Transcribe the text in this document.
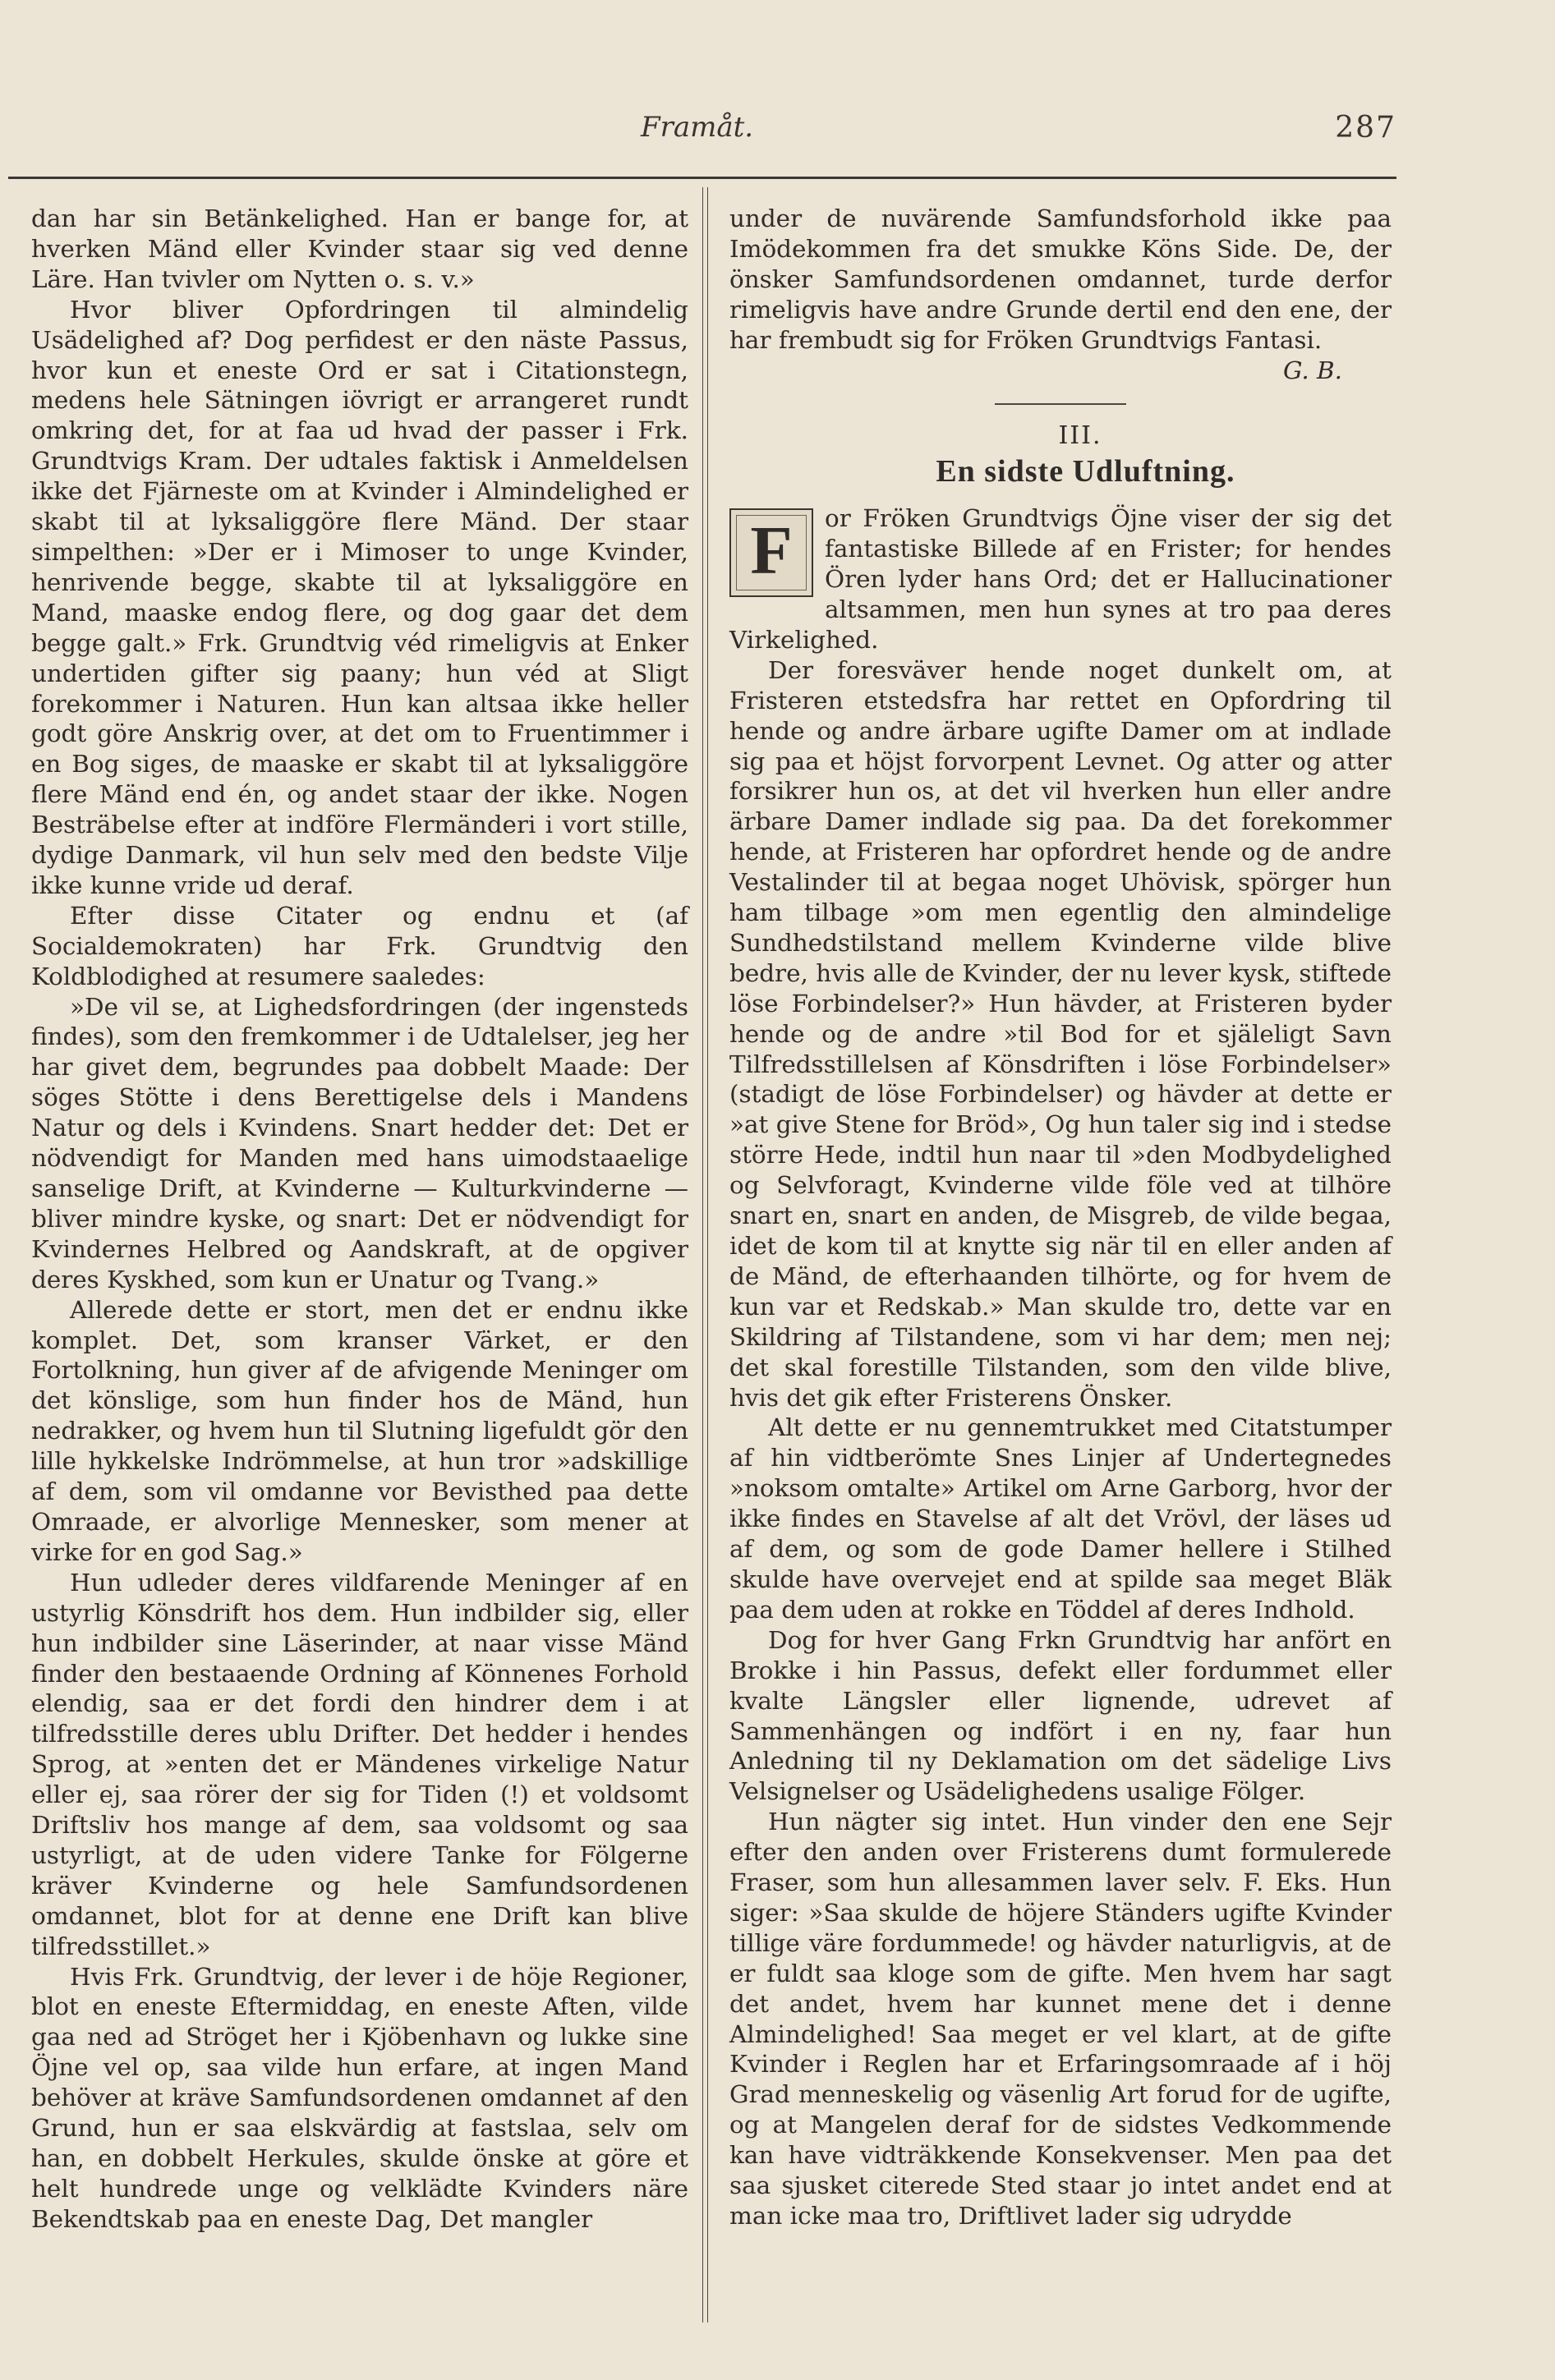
Framåt.	287

dan har sin Betänkelighed. Han er bange for, at hverken Mänd eller Kvinder staar sig ved denne Läre. Han tvivler om Nytten o. s. v.»

Hvor bliver Opfordringen til almindelig Usädelighed af? Dog perfidest er den näste Passus, hvor kun et eneste Ord er sat i Citationstegn, medens hele Sätningen iövrigt er arrangeret rundt omkring det, for at faa ud hvad der passer i Frk. Grundtvigs Kram. Der udtales faktisk i Anmeldelsen ikke det Fjärneste om at Kvinder i Almindelighed er skabt til at lyksaliggöre flere Mänd. Der staar simpelthen: »Der er i Mimoser to unge Kvinder, henrivende begge, skabte til at lyksaliggöre en Mand, maaske endog flere, og dog gaar det dem begge galt.» Frk. Grundtvig véd rimeligvis at Enker undertiden gifter sig paany; hun véd at Sligt forekommer i Naturen. Hun kan altsaa ikke heller godt göre Anskrig over, at det om to Fruentimmer i en Bog siges, de maaske er skabt til at lyksaliggöre flere Mänd end én, og andet staar der ikke. Nogen Besträbelse efter at indföre Flermänderi i vort stille, dydige Danmark, vil hun selv med den bedste Vilje ikke kunne vride ud deraf.

Efter disse Citater og endnu et (af Socialdemokraten) har Frk. Grundtvig den Koldblodighed at resumere saaledes:

»De vil se, at Lighedsfordringen (der ingensteds findes), som den fremkommer i de Udtalelser, jeg her har givet dem, begrundes paa dobbelt Maade: Der söges Stötte i dens Berettigelse dels i Mandens Natur og dels i Kvindens. Snart hedder det: Det er nödvendigt for Manden med hans uimodstaaelige sanselige Drift, at Kvinderne — Kulturkvinderne — bliver mindre kyske, og snart: Det er nödvendigt for Kvindernes Helbred og Aandskraft, at de opgiver deres Kyskhed, som kun er Unatur og Tvang.»

Allerede dette er stort, men det er endnu ikke komplet. Det, som kranser Värket, er den Fortolkning, hun giver af de afvigende Meninger om det könslige, som hun finder hos de Mänd, hun nedrakker, og hvem hun til Slutning ligefuldt gör den lille hykkelske Indrömmelse, at hun tror »adskillige af dem, som vil omdanne vor Bevisthed paa dette Omraade, er alvorlige Mennesker, som mener at virke for en god Sag.»

Hun udleder deres vildfarende Meninger af en ustyrlig Könsdrift hos dem. Hun indbilder sig, eller hun indbilder sine Läserinder, at naar visse Mänd finder den bestaaende Ordning af Könnenes Forhold elendig, saa er det fordi den hindrer dem i at tilfredsstille deres ublu Drifter. Det hedder i hendes Sprog, at »enten det er Mändenes virkelige Natur eller ej, saa rörer der sig for Tiden (!) et voldsomt Driftsliv hos mange af dem, saa voldsomt og saa ustyrligt, at de uden videre Tanke for Fölgerne kräver Kvinderne og hele Samfundsordenen omdannet, blot for at denne ene Drift kan blive tilfredsstillet.»

Hvis Frk. Grundtvig, der lever i de höje Regioner, blot en eneste Eftermiddag, en eneste Aften, vilde gaa ned ad Ströget her i Kjöbenhavn og lukke sine Öjne vel op, saa vilde hun erfare, at ingen Mand behöver at kräve Samfundsordenen omdannet af den Grund, hun er saa elskvärdig at fastslaa, selv om han, en dobbelt Herkules, skulde önske at göre et helt hundrede unge og velklädte Kvinders näre Bekendtskab paa en eneste Dag, Det mangler

under de nuvärende Samfundsforhold ikke paa Imödekommen fra det smukke Köns Side. De, der önsker Samfundsordenen omdannet, turde derfor rimeligvis have andre Grunde dertil end den ene, der har frembudt sig for Fröken Grundtvigs Fantasi.

G. B.

III.

En sidste Udluftning.

F	or Fröken Grundtvigs Öjne viser der sig det fantastiske Billede af en Frister; for hendes Ören lyder hans Ord; det er Hallucinationer altsammen, men hun synes at tro paa deres Virkelighed.

Der foresväver hende noget dunkelt om, at Fristeren etstedsfra har rettet en Opfordring til hende og andre ärbare ugifte Damer om at indlade sig paa et höjst forvorpent Levnet. Og atter og atter forsikrer hun os, at det vil hverken hun eller andre ärbare Damer indlade sig paa. Da det forekommer hende, at Fristeren har opfordret hende og de andre Vestalinder til at begaa noget Uhövisk, spörger hun ham tilbage »om men egentlig den almindelige Sundhedstilstand mellem Kvinderne vilde blive bedre, hvis alle de Kvinder, der nu lever kysk, stiftede löse Forbindelser?» Hun hävder, at Fristeren byder hende og de andre »til Bod for et själeligt Savn Tilfredsstillelsen af Könsdriften i löse Forbindelser» (stadigt de löse Forbindelser) og hävder at dette er »at give Stene for Bröd», Og hun taler sig ind i stedse större Hede, indtil hun naar til »den Modbydelighed og Selvforagt, Kvinderne vilde föle ved at tilhöre snart en, snart en anden, de Misgreb, de vilde begaa, idet de kom til at knytte sig när til en eller anden af de Mänd, de efterhaanden tilhörte, og for hvem de kun var et Redskab.» Man skulde tro, dette var en Skildring af Tilstandene, som vi har dem; men nej; det skal forestille Tilstanden, som den vilde blive, hvis det gik efter Fristerens Önsker.

Alt dette er nu gennemtrukket med Citatstumper af hin vidtberömte Snes Linjer af Undertegnedes »noksom omtalte» Artikel om Arne Garborg, hvor der ikke findes en Stavelse af alt det Vrövl, der läses ud af dem, og som de gode Damer hellere i Stilhed skulde have overvejet end at spilde saa meget Bläk paa dem uden at rokke en Töddel af deres Indhold.

Dog for hver Gang Frkn Grundtvig har anfört en Brokke i hin Passus, defekt eller fordummet eller kvalte Längsler eller lignende, udrevet af Sammenhängen og indfört i en ny, faar hun Anledning til ny Deklamation om det sädelige Livs Velsignelser og Usädelighedens usalige Fölger.

Hun nägter sig intet. Hun vinder den ene Sejr efter den anden over Fristerens dumt formulerede Fraser, som hun allesammen laver selv. F. Eks. Hun siger: »Saa skulde de höjere Ständers ugifte Kvinder tillige väre fordummede! og hävder naturligvis, at de er fuldt saa kloge som de gifte. Men hvem har sagt det andet, hvem har kunnet mene det i denne Almindelighed! Saa meget er vel klart, at de gifte Kvinder i Reglen har et Erfaringsomraade af i höj Grad menneskelig og väsenlig Art forud for de ugifte, og at Mangelen deraf for de sidstes Vedkommende kan have vidträkkende Konsekvenser. Men paa det saa sjusket citerede Sted staar jo intet andet end at man icke maa tro, Driftlivet lader sig udrydde
